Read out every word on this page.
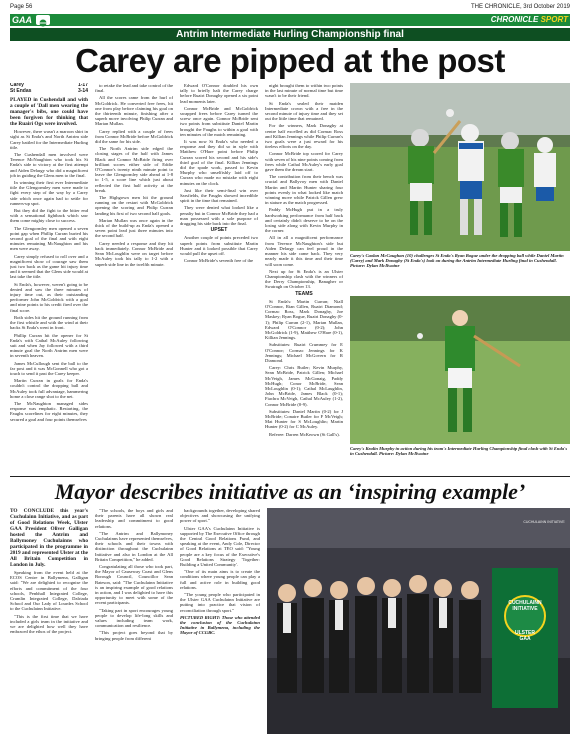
Page 56	THE CHRONICLE, 3rd October 2019
GAA	CHRONICLE SPORT
Antrim Intermediate Hurling Championship final
Carey are pipped at the post
Carey	1-17
St Endas	3-14

PLAYED in Cushendall and with a couple of 'Dall men wearing the manager's bibs, one could have been forgiven for thinking that the Ruairi Ogs were involved.

However, there wasn't a maroon shirt in sight as St Enda's and North Antrim side Carey battled for the Intermediate Hurling title.

The Cushendall men involved were Terence McNaughton who took his St Enda's side to victory at the first attempt and Aiden Delargy who did a magnificent job in guiding the Glens men to the final.

In winning their first ever Intermediate title the Glengormley men were made to fight every step of the way by a Carey side which once again had to settle for runners-up spot.

But they did the fight to the bitter end with a sensational fightback which saw them come mighty close to success.

The Glengormley men opened a seven point gap when Phillip Curran buried his second goal of the final and with eight minutes remaining McNaughton and his men were away.

Carey simply refused to roll over and a magnificent show of courage saw them just two back as the game hit injury time and it seemed that the Glens side would at last take the title.

St Enda's, however, weren't going to be denied and saw the three minutes of injury time out, as their outstanding performer John McGoldrick with a goal and nine points to his credit fired over the final score.

Both sides hit the ground running from the first whistle and with the wind at their backs St Enda's went in front.

Phillip Curran hit the opener for St Enda's with Cathal McAuley following suit and when Jay followed with a third minute goal the North Antrim men were in seventh heaven.

James McCullough sent the ball to the far post and it was McGonnell who got a touch to send it past the Carey keeper.

Martin Curran in goals for Enda's couldn't control the dropping ball and McAuley took full advantage, hammering home a close range shot to the net.

The McNaughton managed sides response was emphatic. Restarting, the Faughs scorelines for eight minutes, they secured a goal and four points themselves

to retake the lead and take control of the final.

All the scores came from the hurl of McGoldrick. He converted free frees, hit one from play before claiming his goal on the thirteenth minute, finishing after a superb move involving Philip Curran and Marian Mullan.

Carey replied with a couple of frees from Connor McBride before McGoldrick did the same for his side.

The North Antrim side edged the closing stages of the half with James Black and Connor McBride firing over brilliant scores either side of Eddie O'Connor's twenty ninth minute point to leave the Glengormley side ahead at 1-8 to 1-5, a score line which just about reflected the first half activity at the break.

The Highgown men hit the ground running on the restart with McGoldrick opening the scoring and Philip Curran landing his first of two second half goals.

Marian Mullan was once again in the thick of the build-up as Enda's opened a seven point lead just three minutes into the second half.

Carey needed a response and they hit back immediately. Connor McBride and Sean McLoughlin were on target before McAuley took his tally to 1-2 with a superb side line in the twelfth minute.

Edward O'Connor doubled his own tally to briefly halt the Carey charge before Ruairi Donaghy opened a six point lead moments later.

Connor McBride and McGoldrick swapped frees before Carey turned the screw once again. Connor McBride sent two points from substitute Daniel Martin brought the Faughs to within a goal with ten minutes of the match remaining.

It was now St Enda's who needed a response and they did so in style with Matthew O'Hare point before Philip Curran scored his second and his side's third goal of the final. Killian Jennings did the spade work, passed to Kevin Murphy who unselfishly laid off to Curran who made no mistake with eight minutes on the clock.

Just like their semi-final win over Sarsfields, the Faughs showed incredible spirit in the time that remained.

They were denied what looked like a penalty but in Connor McBride they had a man possessed with a sole purpose of dragging his side back into the final.

UPSET

Another couple of points preceded two superb points from substitute Martin Hunter and it looked possible that Carey would pull the upset off.

Connor McBride's seventh free of the

night brought them to within two points in the last minute of normal time but time wasn't to be their friend.

St Enda's sealed their maiden Intermediate crown with a free in the second minute of injury time and they set out the little time that remained.

For the winners, Mark Donaghy at centre half excelled as did Cormac Ross and Killian Jennings while Philip Curran's two goals were a just reward for his tireless efforts on the day.

Connor McBride top scored for Carey with seven of his nine points coming from frees while Cathal McAuley's early goal gave them the dream start.

The contribution from their bench was crucial and Ballyvoy men with Daniel Martin and Martin Hunter sharing four points evenly in what looked like match winning move while Patrick Gillen grew in stature as the match progressed.

Paddy McHugh put in a truly hardworking performance from half back and certainly didn't deserve to be on the losing side along with Kevin Murphy in the corner.

All in all a magnificent performance from Terence McNaughton's side but Aiden Delargy can feel proud in the manner his side came back. They very nearly made it this time and their time will soon come.

Next up for St Enda's is an Ulster Championship clash with the winners of the Derry Championship, Banagher or Swatragh on October 13.

TEAMS

St Enda's: Martin Curran; Niall O'Connor, Rian Gillen, Ruairi Diamond; Cormac Ross, Mark Donaghy, Joe Maskey; Ryan Bogue, Ruairi Donaghy (0-1); Philip Curran (2-1), Marian Mullan, Edward O'Connor (0-2); John McGoldrick (1-9), Matthew O'Hare (0-1), Killian Jennings.

Substitutes: Ruairi Crummey for E O'Connor; Cormac Jennings for K Jennings; Michael McGovern for R Diamond.

Carey: Chris Butler; Kevin Murphy, Sean McBride, Patrick Gillen; Michael McVeigh, James McGonaig, Paddy McHugh; Conor McBride, Sean McLoughlin (0-1); Cathal McLaughlin, John McBride, James Black (0-1); Fiachra McVeigh, Cathal McAuley (1-2), Connor McBride (0-9).

Substitutes: Daniel Martin (0-2) for J McBride; Conaire Butler for F McVeigh; Mat Hunter for S McLoughlin; Martin Hunter (0-2) for C McAuley.

Referee: Darren McKeown (St Gall's).

Carey's Caolan McCaughan (10) challenges St Enda's Ryan Bogue under the dropping ball while Daniel Martin (Carey) and Mark Donaghy (St Enda's) look on during the Antrim Intermediate Hurling final in Cushendall. Picture: Dylan McIlwaine
Carey's Kealin Murphy in action during his team's Intermediate Hurling Championship final clash with St Enda's in Cushendall. Picture: Dylan McIlwaine
Mayor describes initiative as an ‘inspiring example’

TO CONCLUDE this year's Cuchulainn Initiative, and as part of Good Relations Week, Ulster GAA President Oliver Galligan hosted the Antrim and Ballymoney Cuchulainns who participated in the programme in 2019 and represented Ulster at the All Britain Competition in London in July.

Speaking from the event held at the ECOS Centre in Ballymena, Galligan said: "We are delighted to recognise the efforts and commitment of the four schools, Penbhall Integrated College, Crumlin Integrated College, Dalriada School and Our Lady of Lourdes School to the Cuchulainn Initiative.

"This is the first time that we have included a girls team in the initiative and we are delighted how well they have embraced the ethos of the project.

"The schools, the boys and girls and their parents have all shown real leadership and commitment to good relations.

"The Antrim and Ballymoney Cuchulainns have represented themselves, their schools and their towns with distinction throughout the Cuchulainn Initiative and also in London at the All Britain Competition," he added.

Congratulating all those who took part, the Mayor of Causeway Coast and Glens Borough Council, Councillor Sean Bateson, said: "The Cuchulainn Initiative is an inspiring example of good relations in action, and I was delighted to have this opportunity to meet with some of the recent participants.

"Taking part in sport encourages young people to develop life-long skills and values including team work, communication and resilience.

"This project goes beyond that by bringing people from different

backgrounds together, developing shared objectives and showcasing the unifying power of sport."

Ulster GAA's Cuchulainn Initiative is supported by The Executive Office through the Central Good Relations Fund, and speaking at the event, Andy Cole, Director of Good Relations at TEO said: "Young people are a key focus of the Executive's Good Relations Strategy 'Together: Building a United Community'.

"One of its main aims is to create the conditions where young people can play a full and active role in building good relations.

"The young people who participated in the Ulster GAA Cuchulainn Initiative are putting into practice that vision of reconciliation through sport."

PICTURED RIGHT: Those who attended the conclusion of the Cuchulainn Initiative in Ballymena, including the Mayor of CCGBC.

CUCHULAINN
INITIATIVE
ULSTER
GAA
CUCHULAINN INITIATIVE
